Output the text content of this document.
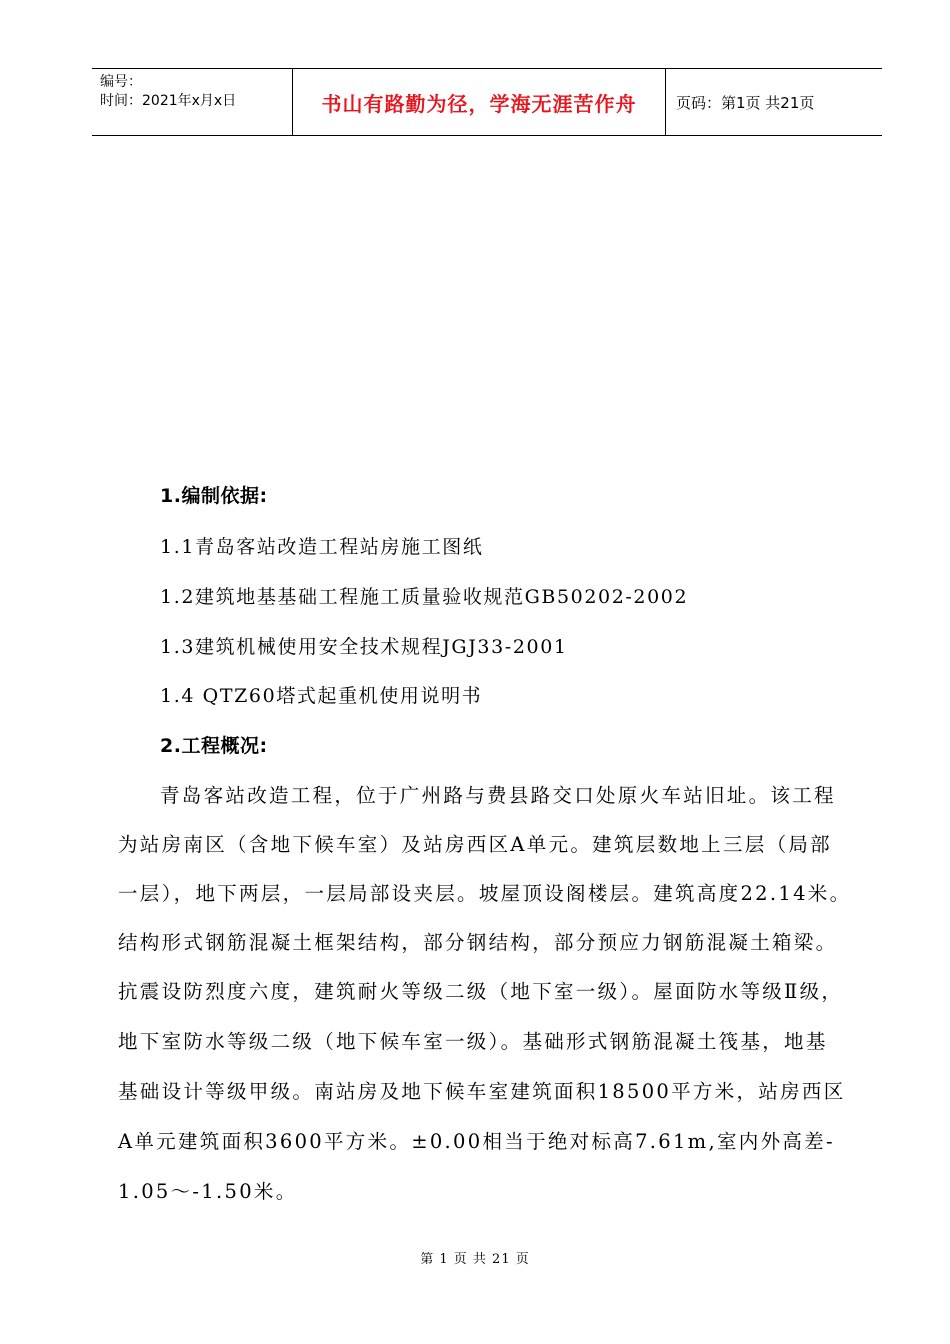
编号：
时间：2021年x月x日	书山有路勤为径，学海无涯苦作舟	页码：第1页 共21页
1.编制依据:
1.1青岛客站改造工程站房施工图纸
1.2建筑地基基础工程施工质量验收规范GB50202-2002
1.3建筑机械使用安全技术规程JGJ33-2001
1.4 QTZ60塔式起重机使用说明书
2.工程概况:
青岛客站改造工程，位于广州路与费县路交口处原火车站旧址。该工程
为站房南区（含地下候车室）及站房西区A单元。建筑层数地上三层（局部
一层），地下两层，一层局部设夹层。坡屋顶设阁楼层。建筑高度22.14米。
结构形式钢筋混凝土框架结构，部分钢结构，部分预应力钢筋混凝土箱梁。
抗震设防烈度六度，建筑耐火等级二级（地下室一级）。屋面防水等级Ⅱ级，
地下室防水等级二级（地下候车室一级）。基础形式钢筋混凝土筏基，地基
基础设计等级甲级。南站房及地下候车室建筑面积18500平方米，站房西区
A单元建筑面积3600平方米。±0.00相当于绝对标高7.61m,室内外高差-
1.05～-1.50米。
第 1 页 共 21 页
